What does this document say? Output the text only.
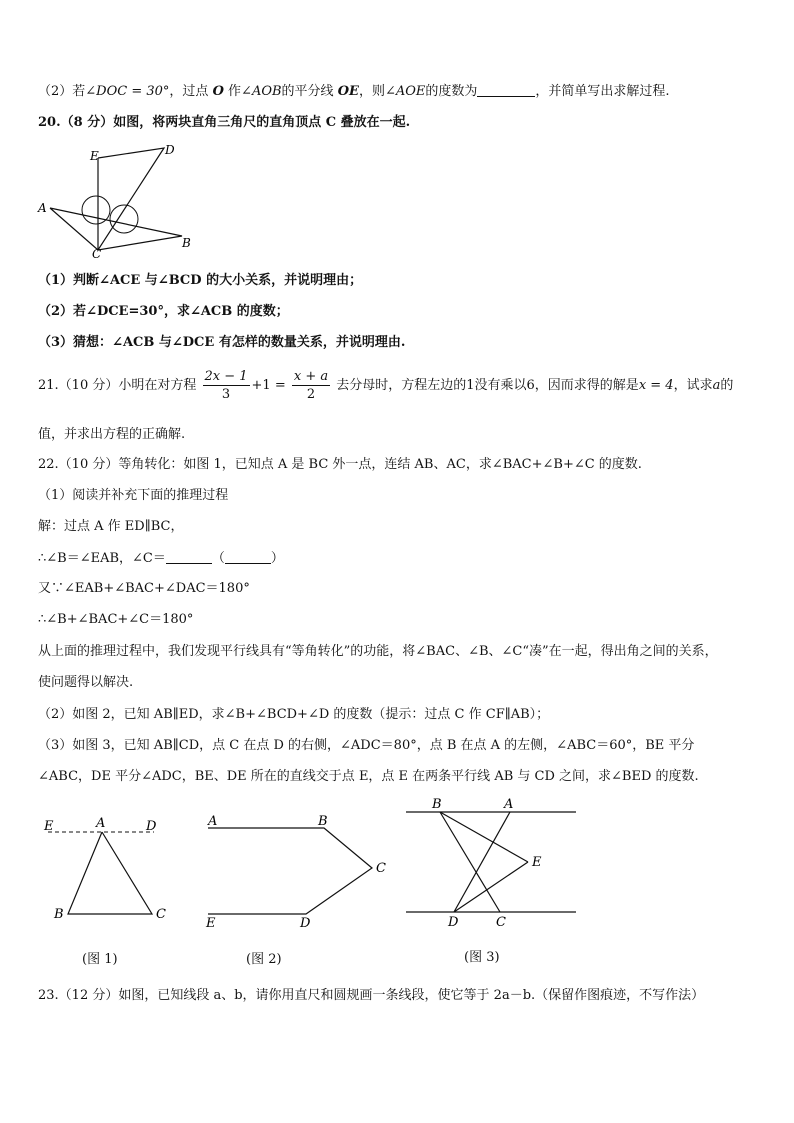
（2）若∠DOC = 30°，过点 O 作∠AOB的平分线 OE，则∠AOE的度数为	，并简单写出求解过程.
20.（8 分）如图，将两块直角三角尺的直角顶点 C 叠放在一起.
E	D
A
C
B
（1）判断∠ACE 与∠BCD 的大小关系，并说明理由；
（2）若∠DCE=30°，求∠ACB 的度数；
（3）猜想：∠ACB 与∠DCE 有怎样的数量关系，并说明理由.
21.（10 分）小明在对方程 $\frac{2x - 1}{3} +1 = \frac{x + a}{2}$ 去分母时，方程左边的1没有乘以6，因而求得的解是x = 4，试求a的
值，并求出方程的正确解.
22.（10 分）等角转化：如图 1，已知点 A 是 BC 外一点，连结 AB、AC，求∠BAC+∠B+∠C 的度数.
（1）阅读并补充下面的推理过程
解：过点 A 作 ED∥BC，
∴∠B＝∠EAB，∠C＝	（	）
又∵∠EAB+∠BAC+∠DAC＝180°
∴∠B+∠BAC+∠C＝180°
从上面的推理过程中，我们发现平行线具有“等角转化”的功能，将∠BAC、∠B、∠C“凑”在一起，得出角之间的关系，
使问题得以解决.
（2）如图 2，已知 AB∥ED，求∠B+∠BCD+∠D 的度数（提示：过点 C 作 CF∥AB）；
（3）如图 3，已知 AB∥CD，点 C 在点 D 的右侧，∠ADC＝80°，点 B 在点 A 的左侧，∠ABC＝60°，BE 平分
∠ABC，DE 平分∠ADC，BE、DE 所在的直线交于点 E，点 E 在两条平行线 AB 与 CD 之间，求∠BED 的度数.
E	A	D
B	C
(图 1)
A	B
C
E	D
(图 2)
B	A
E
D	C
(图 3)
23.（12 分）如图，已知线段 a、b，请你用直尺和圆规画一条线段，使它等于 2a－b.（保留作图痕迹，不写作法）
